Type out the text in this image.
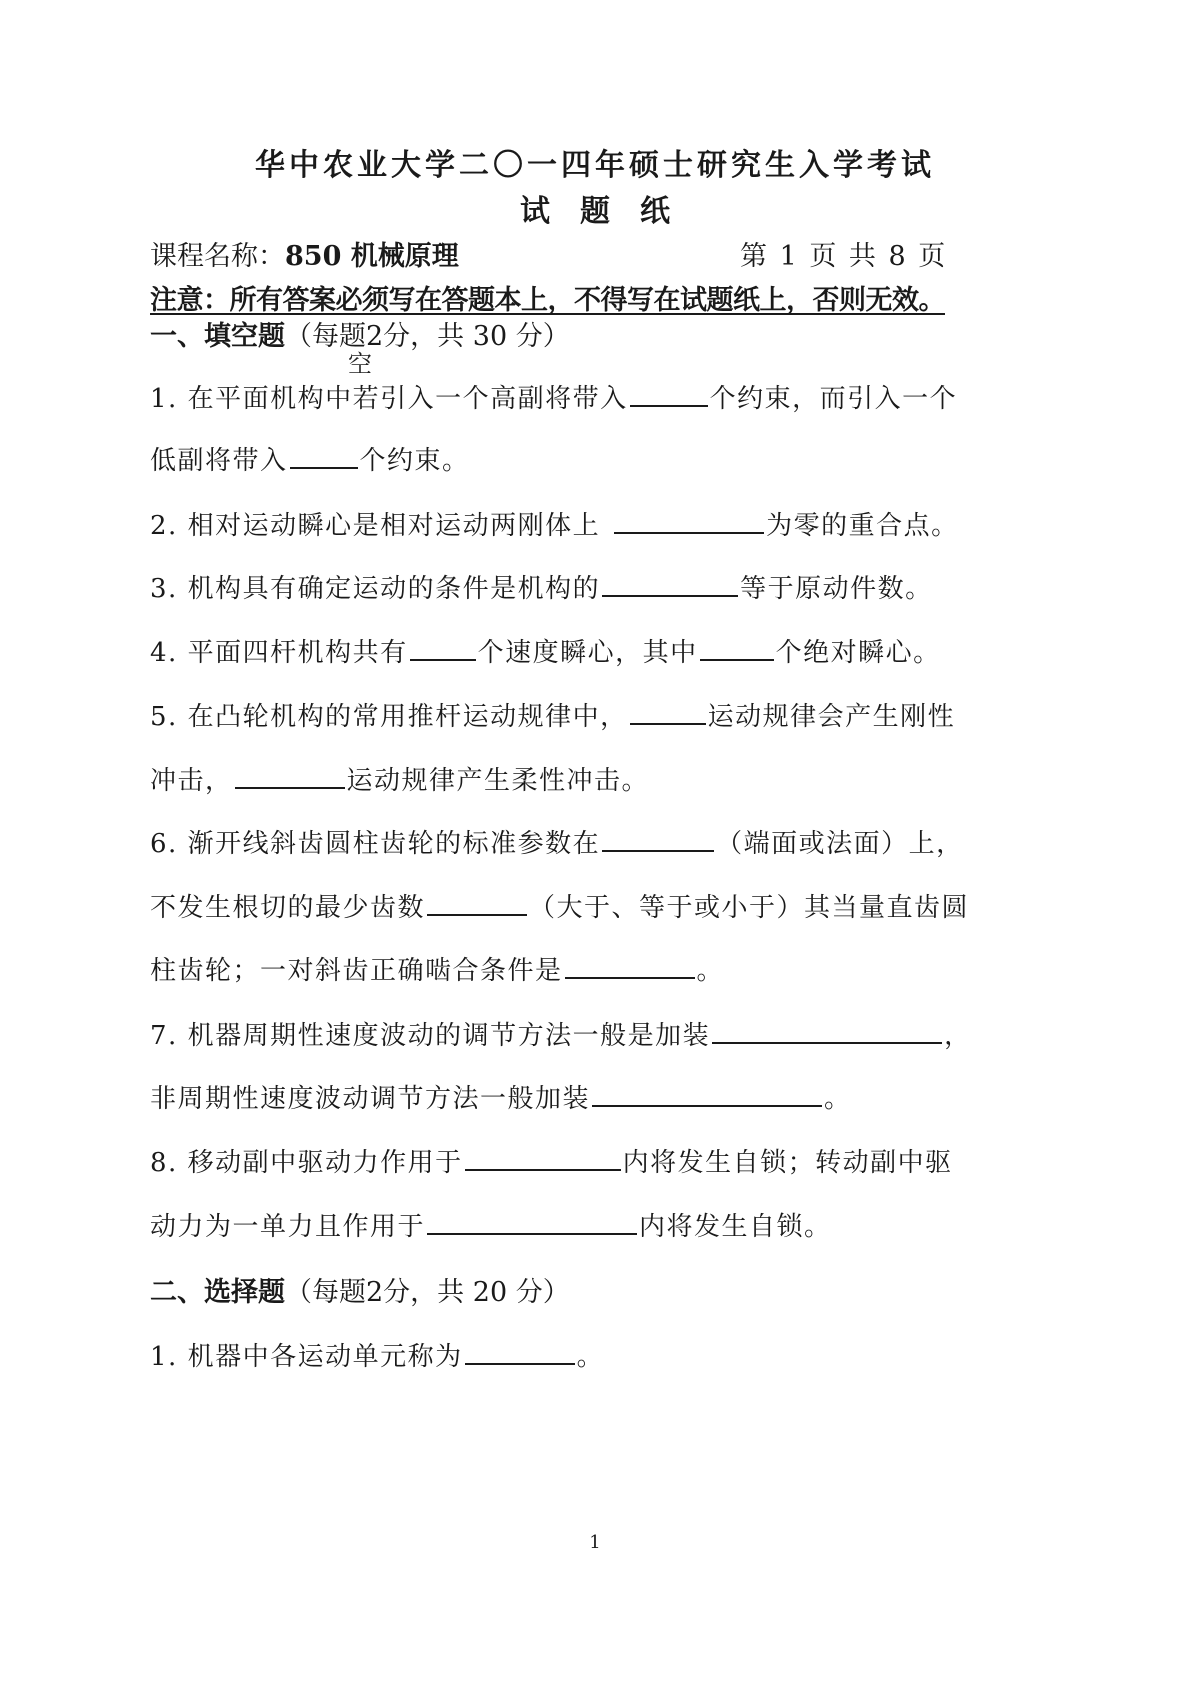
华中农业大学二〇一四年硕士研究生入学考试
试题纸
课程名称：850 机械原理	第 1 页 共 8 页
注意：所有答案必须写在答题本上，不得写在试题纸上，否则无效。
一、填空题（每题2分，共 30 分）
空
1. 在平面机构中若引入一个高副将带入	个约束，而引入一个
低副将带入	个约束。
2. 相对运动瞬心是相对运动两刚体上	为零的重合点。
3. 机构具有确定运动的条件是机构的	等于原动件数。
4. 平面四杆机构共有	个速度瞬心，其中	个绝对瞬心。
5. 在凸轮机构的常用推杆运动规律中，	运动规律会产生刚性
冲击，	运动规律产生柔性冲击。
6. 渐开线斜齿圆柱齿轮的标准参数在	（端面或法面）上，
不发生根切的最少齿数	（大于、等于或小于）其当量直齿圆
柱齿轮；一对斜齿正确啮合条件是	。
7. 机器周期性速度波动的调节方法一般是加装	，
非周期性速度波动调节方法一般加装	。
8. 移动副中驱动力作用于	内将发生自锁；转动副中驱
动力为一单力且作用于	内将发生自锁。
二、选择题（每题2分，共 20 分）
1. 机器中各运动单元称为	。
1
